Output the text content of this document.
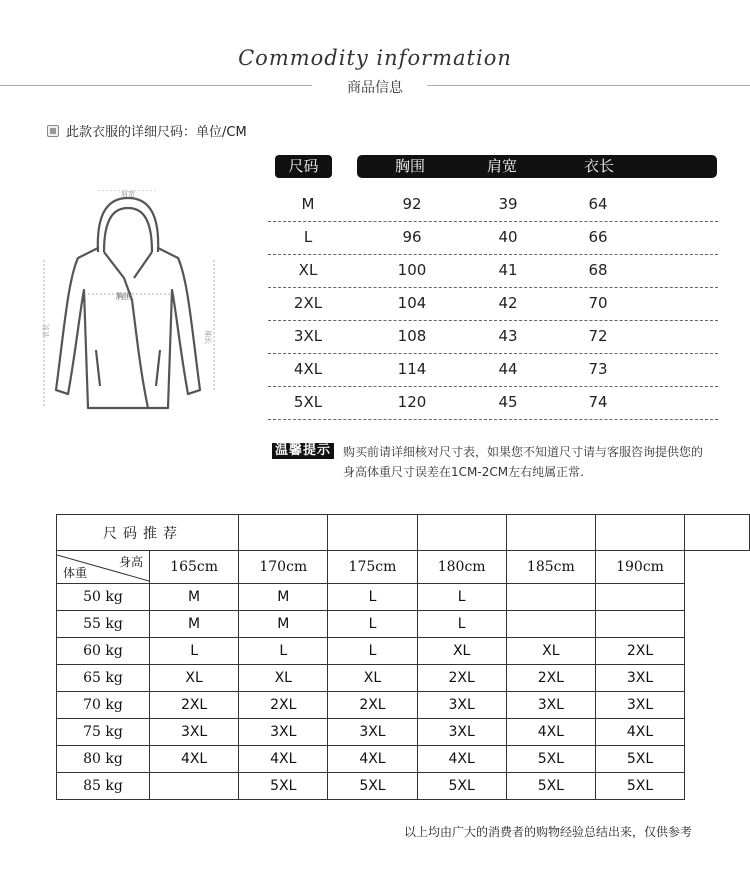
Commodity information
商品信息
此款衣服的详细尺码：单位/CM
肩宽
胸围
衣长	袖长
尺码	胸围	肩宽	衣长
M	92	39	64
L	96	40	66
XL	100	41	68
2XL	104	42	70
3XL	108	43	72
4XL	114	44	73
5XL	120	45	74
温馨提示 购买前请详细核对尺寸表，如果您不知道尺寸请与客服咨询提供您的
身高体重尺寸误差在1CM-2CM左右纯属正常.
尺码推荐							

身高
体重	165cm	170cm	175cm	180cm	185cm	190cm	
50 kg	M	M	L	L			
55 kg	M	M	L	L			
60 kg	L	L	L	XL	XL	2XL	
65 kg	XL	XL	XL	2XL	2XL	3XL	
70 kg	2XL	2XL	2XL	3XL	3XL	3XL	
75 kg	3XL	3XL	3XL	3XL	4XL	4XL	
80 kg	4XL	4XL	4XL	4XL	5XL	5XL	
85 kg		5XL	5XL	5XL	5XL	5XL	
以上均由广大的消费者的购物经验总结出来，仅供参考
